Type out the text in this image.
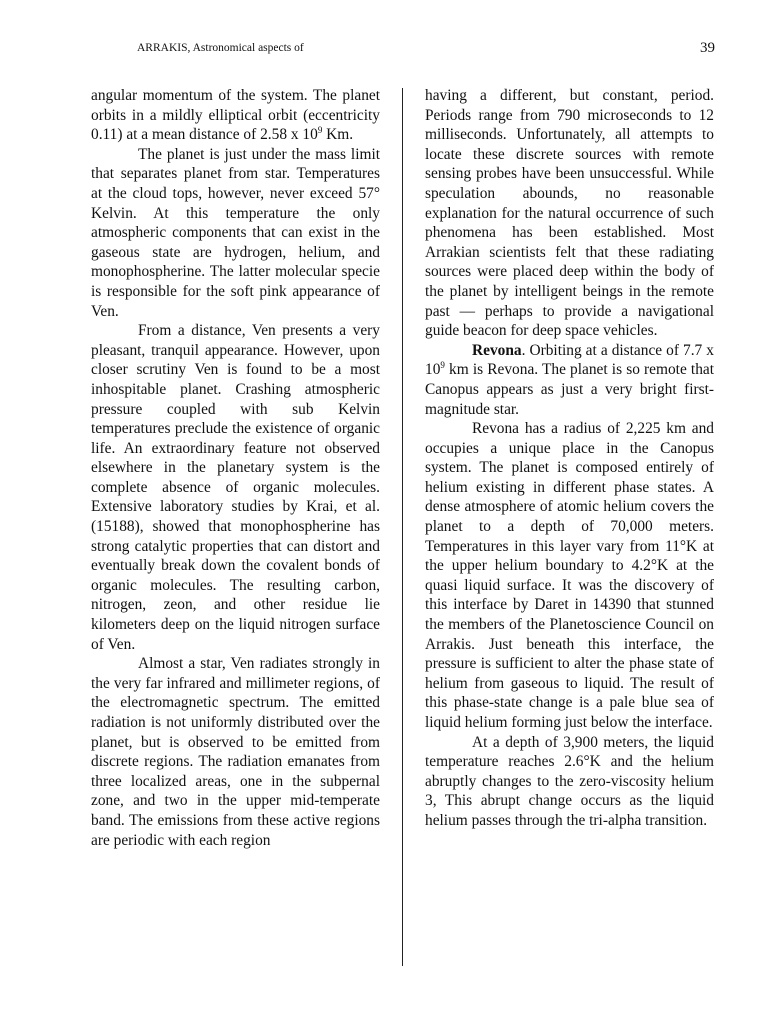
ARRAKIS, Astronomical aspects of	39

angular momentum of the system. The planet orbits in a mildly elliptical orbit (eccentricity 0.11) at a mean distance of 2.58 x $10^9$ Km.

The planet is just under the mass limit that separates planet from star. Temperatures at the cloud tops, however, never exceed 57° Kelvin. At this temperature the only atmospheric components that can exist in the gaseous state are hydrogen, helium, and monophospherine. The latter molecular specie is responsible for the soft pink appearance of Ven.

From a distance, Ven presents a very pleasant, tranquil appearance. However, upon closer scrutiny Ven is found to be a most inhospitable planet. Crashing atmospheric pressure coupled with sub Kelvin temperatures preclude the existence of organic life. An extraordinary feature not observed elsewhere in the planetary system is the complete absence of organic molecules. Extensive laboratory studies by Krai, et al. (15188), showed that monophospherine has strong catalytic properties that can distort and eventually break down the covalent bonds of organic molecules. The resulting carbon, nitrogen, zeon, and other residue lie kilometers deep on the liquid nitrogen surface of Ven.

Almost a star, Ven radiates strongly in the very far infrared and millimeter regions, of the electromagnetic spectrum. The emitted radiation is not uniformly distributed over the planet, but is observed to be emitted from discrete regions. The radiation emanates from three localized areas, one in the subpernal zone, and two in the upper mid-temperate band. The emissions from these active regions are periodic with each region

having a different, but constant, period. Periods range from 790 microseconds to 12 milliseconds. Unfortunately, all attempts to locate these discrete sources with remote sensing probes have been unsuccessful. While speculation abounds, no reasonable explanation for the natural occurrence of such phenomena has been established. Most Arrakian scientists felt that these radiating sources were placed deep within the body of the planet by intelligent beings in the remote past — perhaps to provide a navigational guide beacon for deep space vehicles.

Revona. Orbiting at a distance of 7.7 x $10^9$ km is Revona. The planet is so remote that Canopus appears as just a very bright first-magnitude star.

Revona has a radius of 2,225 km and occupies a unique place in the Canopus system. The planet is composed entirely of helium existing in different phase states. A dense atmosphere of atomic helium covers the planet to a depth of 70,000 meters. Temperatures in this layer vary from 11°K at the upper helium boundary to 4.2°K at the quasi liquid surface. It was the discovery of this interface by Daret in 14390 that stunned the members of the Planetoscience Council on Arrakis. Just beneath this interface, the pressure is sufficient to alter the phase state of helium from gaseous to liquid. The result of this phase-state change is a pale blue sea of liquid helium forming just below the interface.

At a depth of 3,900 meters, the liquid temperature reaches 2.6°K and the helium abruptly changes to the zero-viscosity helium 3, This abrupt change occurs as the liquid helium passes through the tri-alpha transition.
